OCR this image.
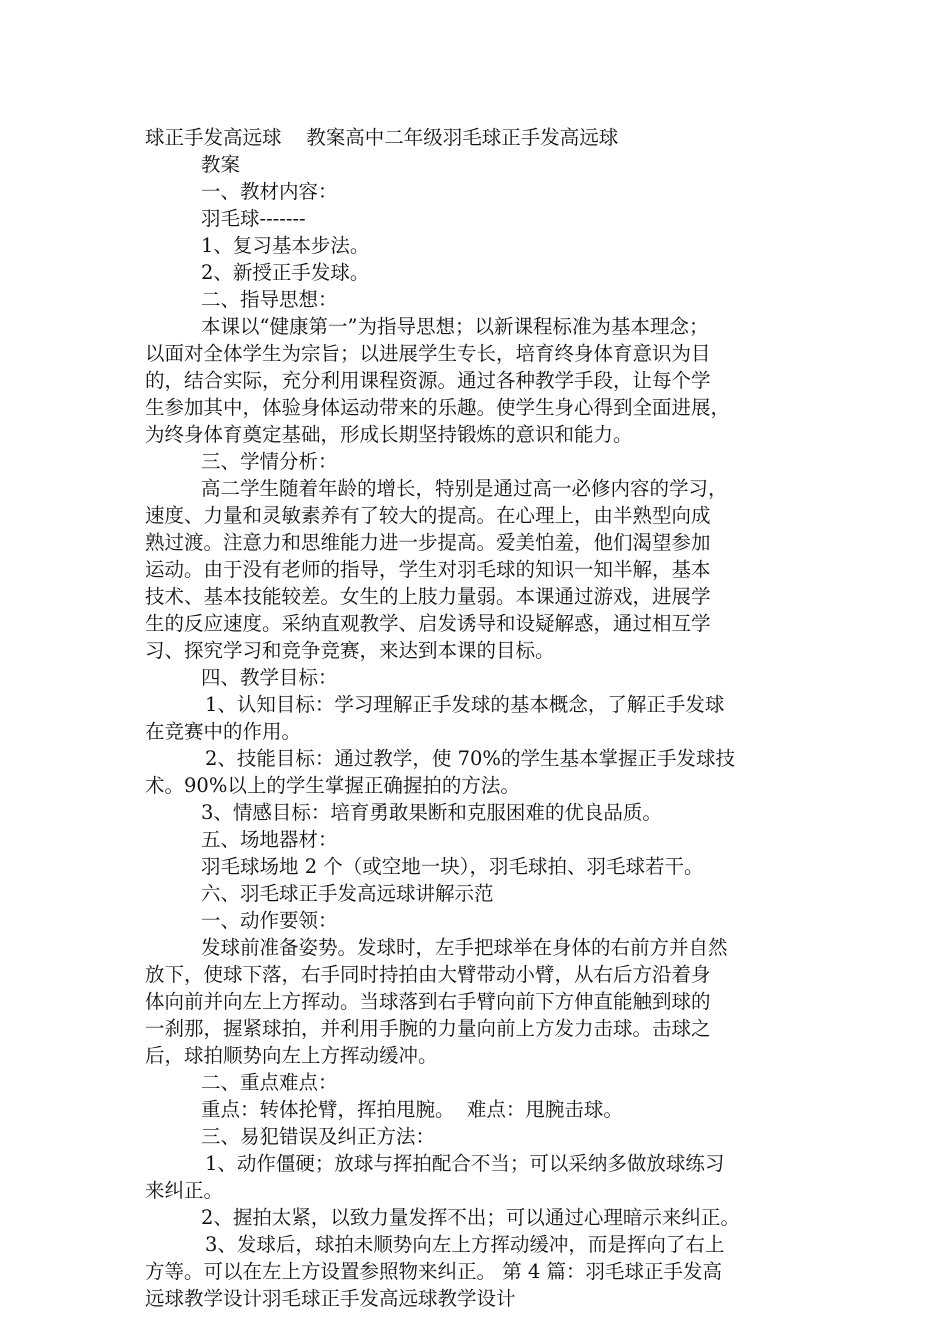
球正手发高远球    教案高中二年级羽毛球正手发高远球
教案
一、教材内容：
羽毛球-------
1、复习基本步法。
2、新授正手发球。
二、指导思想：
本课以“健康第一”为指导思想；以新课程标准为基本理念；
以面对全体学生为宗旨；以进展学生专长，培育终身体育意识为目
的，结合实际，充分利用课程资源。通过各种教学手段，让每个学
生参加其中，体验身体运动带来的乐趣。使学生身心得到全面进展，
为终身体育奠定基础，形成长期坚持锻炼的意识和能力。
三、学情分析：
高二学生随着年龄的增长，特别是通过高一必修内容的学习，
速度、力量和灵敏素养有了较大的提高。在心理上，由半熟型向成
熟过渡。注意力和思维能力进一步提高。爱美怕羞，他们渴望参加
运动。由于没有老师的指导，学生对羽毛球的知识一知半解，基本
技术、基本技能较差。女生的上肢力量弱。本课通过游戏，进展学
生的反应速度。采纳直观教学、启发诱导和设疑解惑，通过相互学
习、探究学习和竞争竞赛，来达到本课的目标。
四、教学目标：
1、认知目标：学习理解正手发球的基本概念，了解正手发球
在竞赛中的作用。
2、技能目标：通过教学，使 70%的学生基本掌握正手发球技
术。90%以上的学生掌握正确握拍的方法。
3、情感目标：培育勇敢果断和克服困难的优良品质。
五、场地器材：
羽毛球场地 2 个（或空地一块），羽毛球拍、羽毛球若干。
六、羽毛球正手发高远球讲解示范
一、动作要领：
发球前准备姿势。发球时，左手把球举在身体的右前方并自然
放下，使球下落，右手同时持拍由大臂带动小臂，从右后方沿着身
体向前并向左上方挥动。当球落到右手臂向前下方伸直能触到球的
一刹那，握紧球拍，并利用手腕的力量向前上方发力击球。击球之
后，球拍顺势向左上方挥动缓冲。
二、重点难点：
重点：转体抡臂，挥拍甩腕。  难点：甩腕击球。
三、易犯错误及纠正方法：
1、动作僵硬；放球与挥拍配合不当；可以采纳多做放球练习
来纠正。
2、握拍太紧，以致力量发挥不出；可以通过心理暗示来纠正。
3、发球后，球拍未顺势向左上方挥动缓冲，而是挥向了右上
方等。可以在左上方设置参照物来纠正。 第 4 篇：羽毛球正手发高
远球教学设计羽毛球正手发高远球教学设计
